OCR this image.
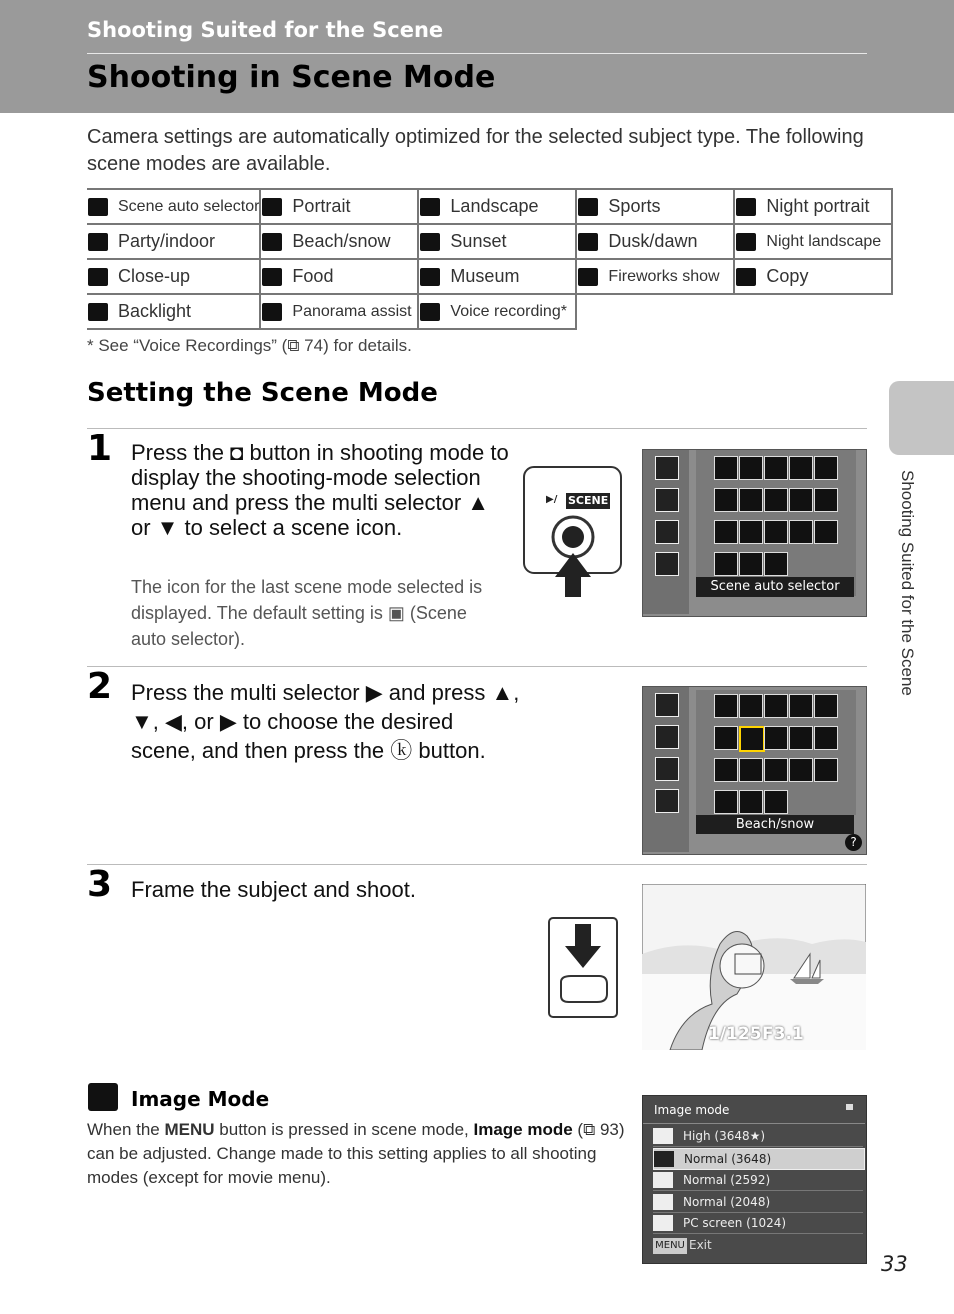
Shooting Suited for the Scene
Shooting in Scene Mode
Camera settings are automatically optimized for the selected subject type. The following scene modes are available.
Scene auto selector	Portrait	Landscape	Sports	Night portrait

Party/indoor	Beach/snow	Sunset	Dusk/dawn	Night landscape

Close-up	Food	Museum	Fireworks show	Copy

Backlight	Panorama assist	Voice recording*		

* See “Voice Recordings” (⧉ 74) for details.
Setting the Scene Mode
1 Press the ◘ button in shooting mode to display the shooting-mode selection menu and press the multi selector ▲ or ▼ to select a scene icon.
The icon for the last scene mode selected is displayed. The default setting is ▣ (Scene auto selector).
▶/ SCENE
Scene auto selector
2 Press the multi selector ▶ and press ▲, ▼, ◀, or ▶ to choose the desired scene, and then press the ⓚ button.
Beach/snow
?
3 Frame the subject and shoot.
1/125 F3.1
Image Mode
When the MENU button is pressed in scene mode, Image mode (⧉ 93) can be adjusted. Change made to this setting applies to all shooting modes (except for movie menu).
Image mode
High (3648★)
Normal (3648)
Normal (2592)
Normal (2048)
PC screen (1024)
MENU Exit
Shooting Suited for the Scene
33
